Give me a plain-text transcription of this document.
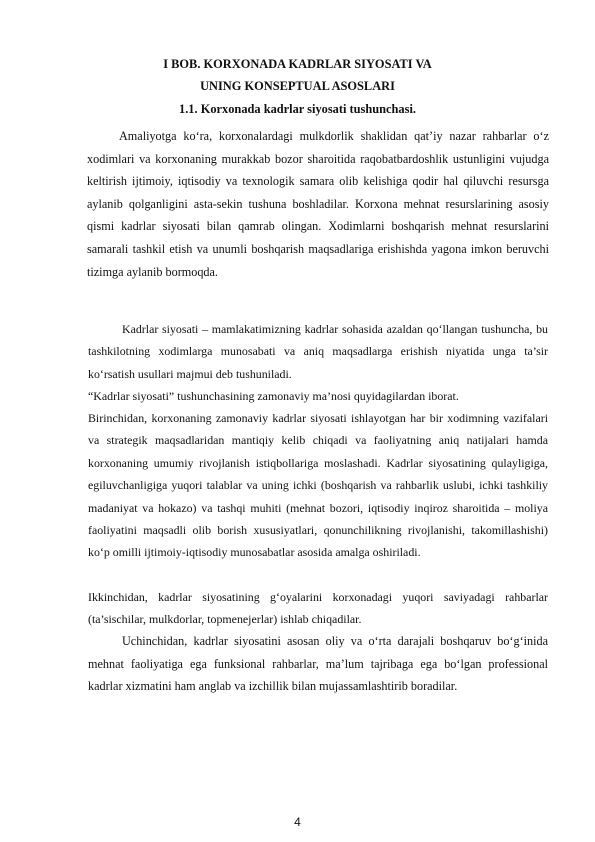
I BOB. KORXONADA KADRLAR SIYOSATI VA
UNING KONSEPTUAL ASOSLARI
1.1. Korxonada kadrlar siyosati tushunchasi.
Amaliyotga ko‘ra, korxonalardagi mulkdorlik shaklidan qat’iy nazar rahbarlar o‘z xodimlari va korxonaning murakkab bozor sharoitida raqobatbardoshlik ustunligini vujudga keltirish ijtimoiy, iqtisodiy va texnologik samara olib kelishiga qodir hal qiluvchi resursga aylanib qolganligini asta-sekin tushuna boshladilar. Korxona mehnat resurslarining asosiy qismi kadrlar siyosati bilan qamrab olingan. Xodimlarni boshqarish mehnat resurslarini samarali tashkil etish va unumli boshqarish maqsadlariga erishishda yagona imkon beruvchi tizimga aylanib bormoqda.
Kadrlar siyosati – mamlakatimizning kadrlar sohasida azaldan qo‘llangan tushuncha, bu tashkilotning xodimlarga munosabati va aniq maqsadlarga erishish niyatida unga ta’sir ko‘rsatish usullari majmui deb tushuniladi.
“Kadrlar siyosati” tushunchasining zamonaviy ma’nosi quyidagilardan iborat.
Birinchidan, korxonaning zamonaviy kadrlar siyosati ishlayotgan har bir xodimning vazifalari va strategik maqsadlaridan mantiqiy kelib chiqadi va faoliyatning aniq natijalari hamda korxonaning umumiy rivojlanish istiqbollariga moslashadi. Kadrlar siyosatining qulayligiga, egiluvchanligiga yuqori talablar va uning ichki (boshqarish va rahbarlik uslubi, ichki tashkiliy madaniyat va hokazo) va tashqi muhiti (mehnat bozori, iqtisodiy inqiroz sharoitida – moliya faoliyatini maqsadli olib borish xususiyatlari, qonunchilikning rivojlanishi, takomillashishi) ko‘p omilli ijtimoiy-iqtisodiy munosabatlar asosida amalga oshiriladi.
Ikkinchidan, kadrlar siyosatining g‘oyalarini korxonadagi yuqori saviyadagi rahbarlar (ta’sischilar, mulkdorlar, topmenejerlar) ishlab chiqadilar.
Uchinchidan, kadrlar siyosatini asosan oliy va o‘rta darajali boshqaruv bo‘g‘inida mehnat faoliyatiga ega funksional rahbarlar, ma’lum tajribaga ega bo‘lgan professional kadrlar xizmatini ham anglab va izchillik bilan mujassamlashtirib boradilar.
4
